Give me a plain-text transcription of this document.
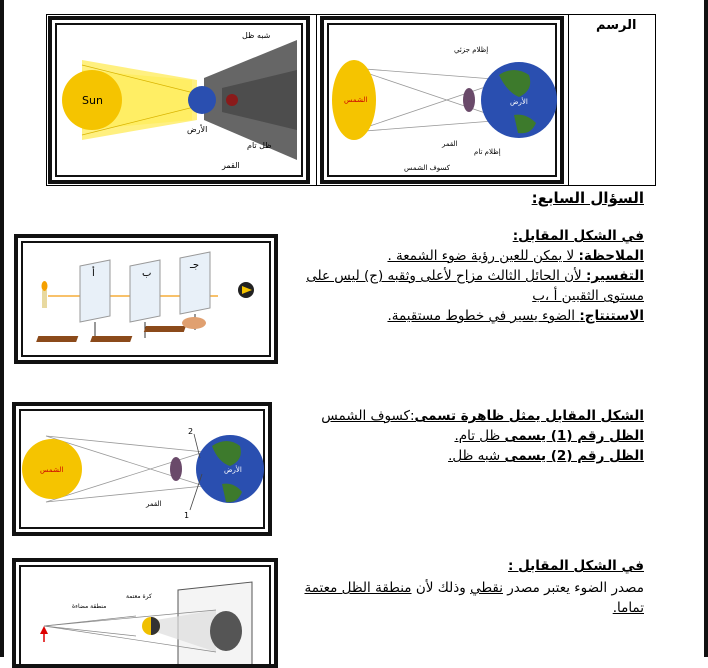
الرسم
Sun
شبه ظل
الأرض
ظل تام
القمر
الشمس
إظلام جزئي
الأرض
القمر
إظلام تام
كسوف الشمس
السؤال السابع:
في الشكل المقابل:
الملاحظة: لا يمكن للعين رؤية ضوء الشمعة .
التفسير: لأن الحائل الثالث مزاح لأعلى وثقبه (ج) ليس على
مستوى الثقبين أ ،ب
الاستنتاج: الضوء يسير في خطوط مستقيمة.
أ	ب
جـ
الشكل المقابل يمثل ظاهرة تسمى:كسوف الشمس
الظل رقم (1) يسمى ظل تام.
الظل رقم (2) يسمى شبه ظل.
الشمس	الأرض
القمر
1
2
في الشكل المقابل :
مصدر الضوء يعتبر مصدر نقطي وذلك لأن منطقة الظل معتمة
تماما.
كرة معتمة
منطقة مضاءة
